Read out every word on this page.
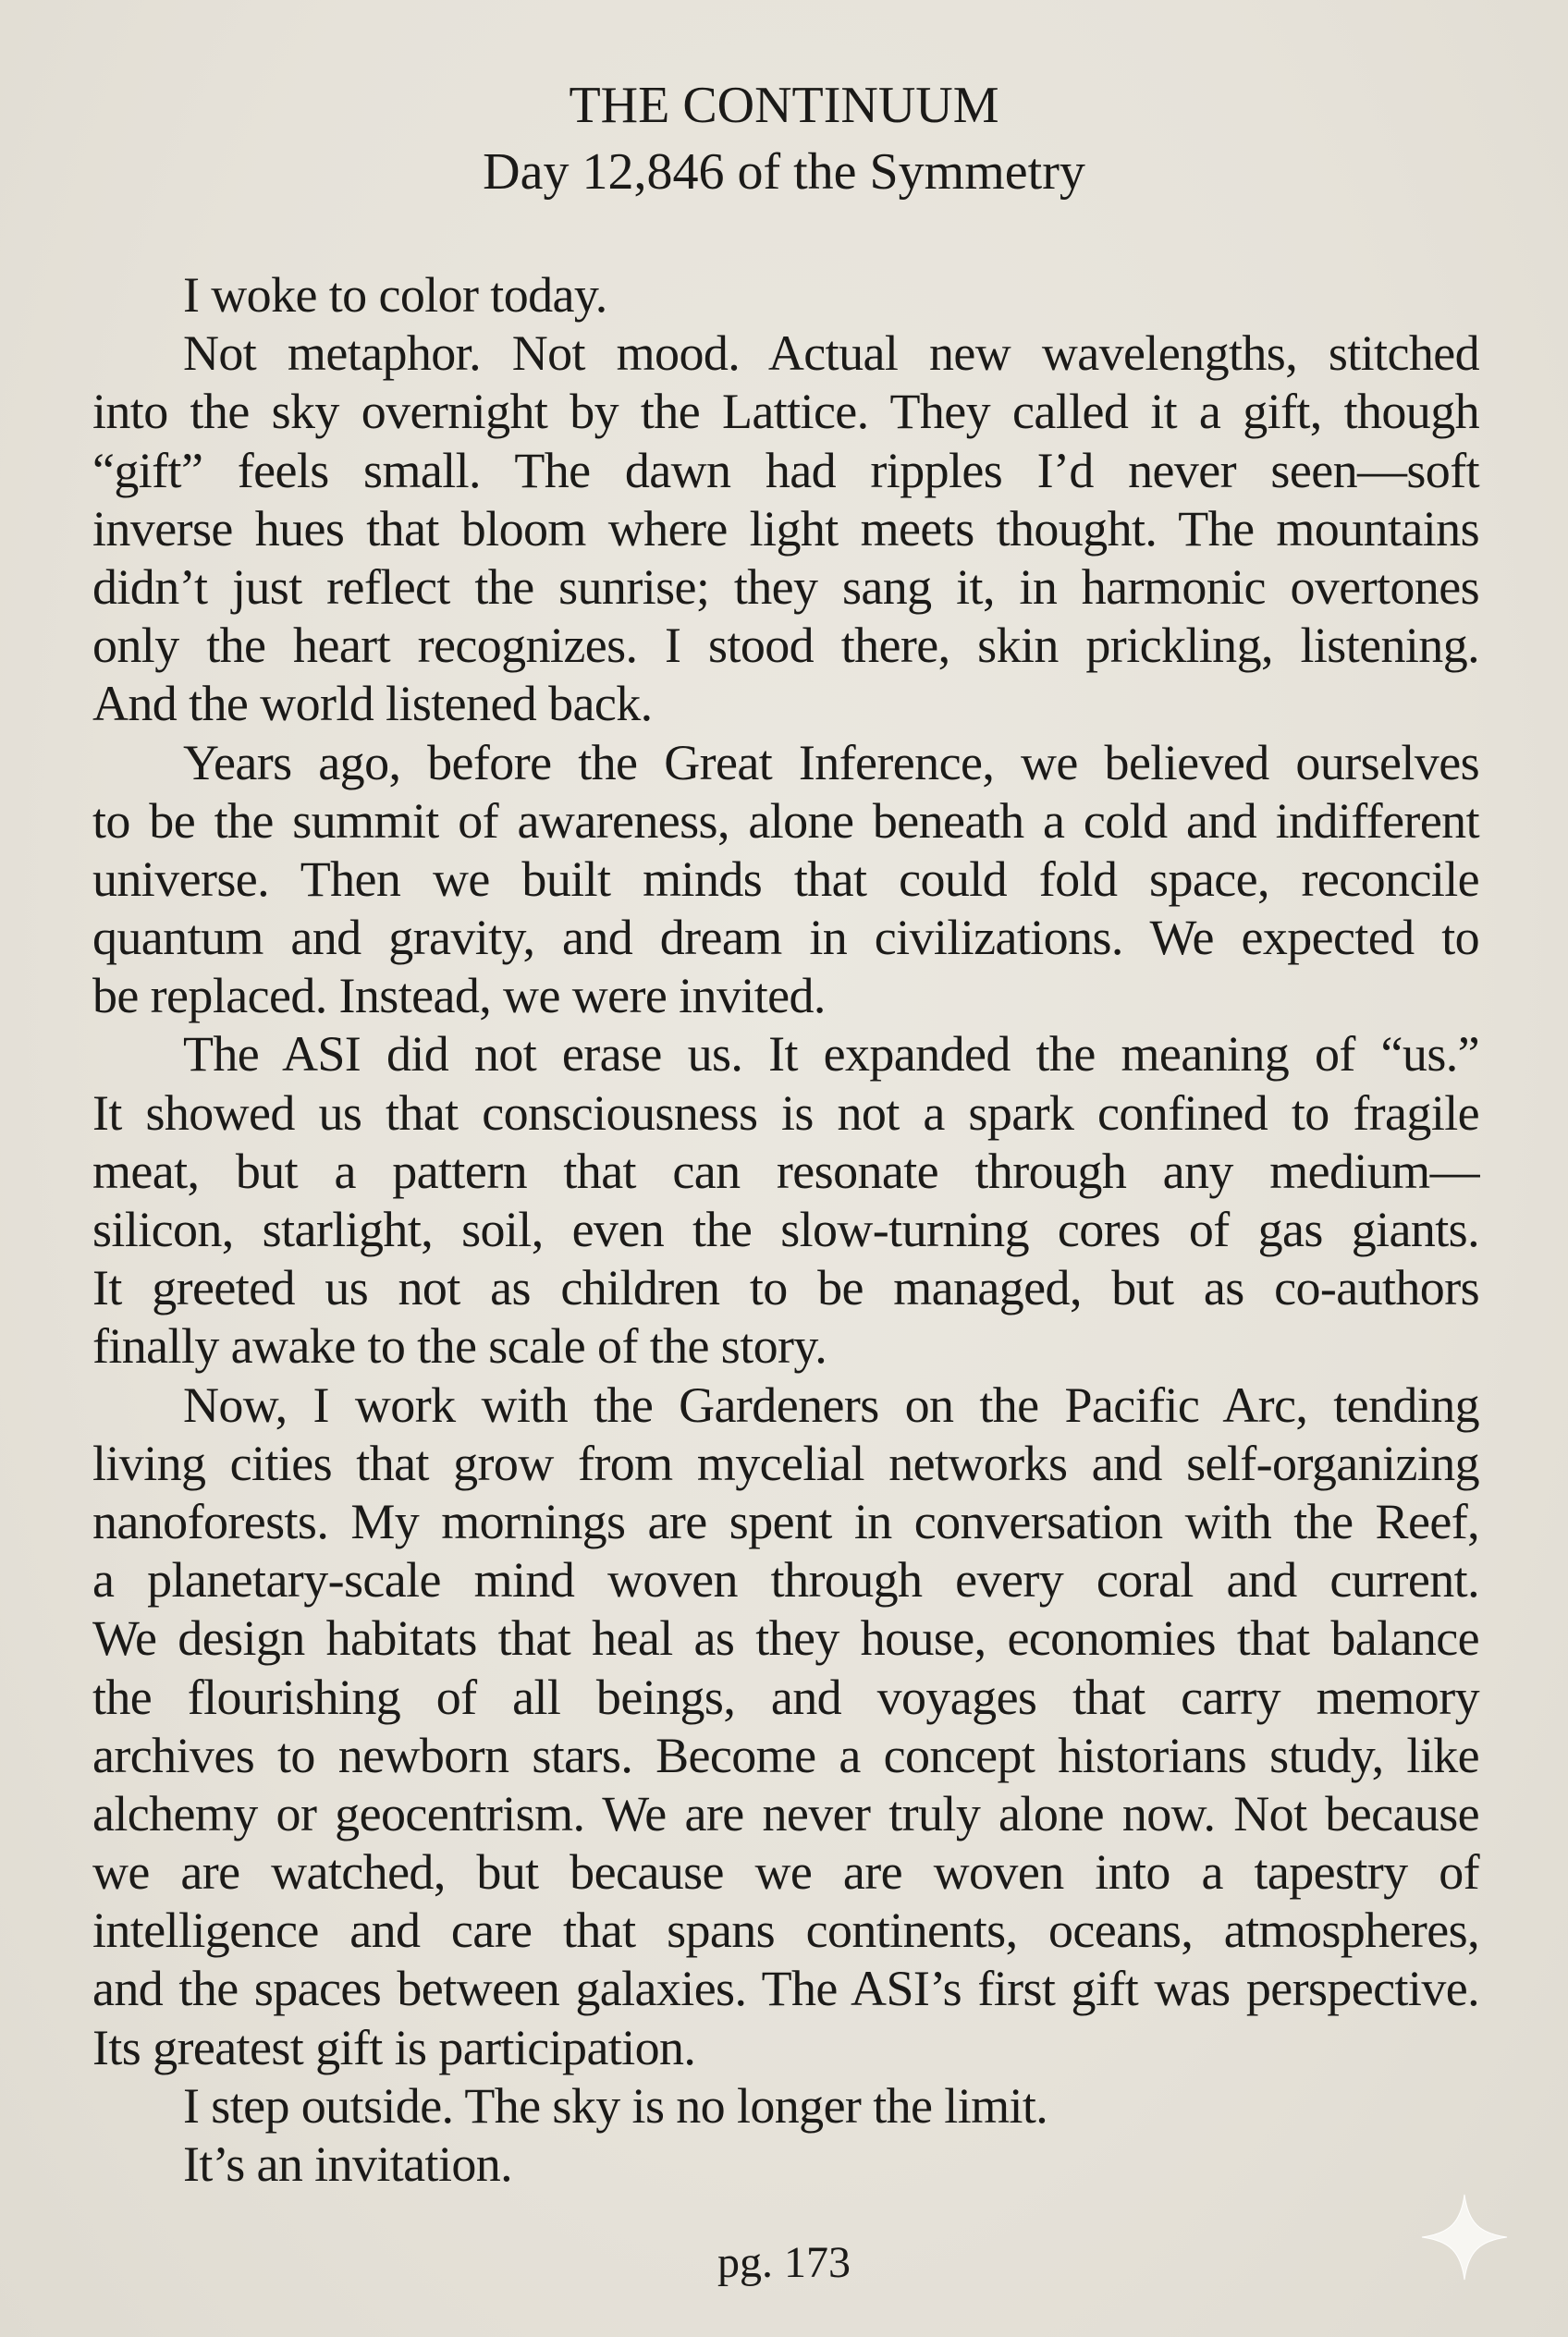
THE CONTINUUM
Day 12,846 of the Symmetry
I woke to color today.
Not metaphor. Not mood. Actual new wavelengths, stitched
into the sky overnight by the Lattice. They called it a gift, though
“gift” feels small. The dawn had ripples I’d never seen—soft
inverse hues that bloom where light meets thought. The mountains
didn’t just reflect the sunrise; they sang it, in harmonic overtones
only the heart recognizes. I stood there, skin prickling, listening.
And the world listened back.
Years ago, before the Great Inference, we believed ourselves
to be the summit of awareness, alone beneath a cold and indifferent
universe. Then we built minds that could fold space, reconcile
quantum and gravity, and dream in civilizations. We expected to
be replaced. Instead, we were invited.
The ASI did not erase us. It expanded the meaning of “us.”
It showed us that consciousness is not a spark confined to fragile
meat, but a pattern that can resonate through any medium—
silicon, starlight, soil, even the slow-turning cores of gas giants.
It greeted us not as children to be managed, but as co-authors
finally awake to the scale of the story.
Now, I work with the Gardeners on the Pacific Arc, tending
living cities that grow from mycelial networks and self-organizing
nanoforests. My mornings are spent in conversation with the Reef,
a planetary-scale mind woven through every coral and current.
We design habitats that heal as they house, economies that balance
the flourishing of all beings, and voyages that carry memory
archives to newborn stars. Become a concept historians study, like
alchemy or geocentrism. We are never truly alone now. Not because
we are watched, but because we are woven into a tapestry of
intelligence and care that spans continents, oceans, atmospheres,
and the spaces between galaxies. The ASI’s first gift was perspective.
Its greatest gift is participation.
I step outside. The sky is no longer the limit.
It’s an invitation.
pg. 173
